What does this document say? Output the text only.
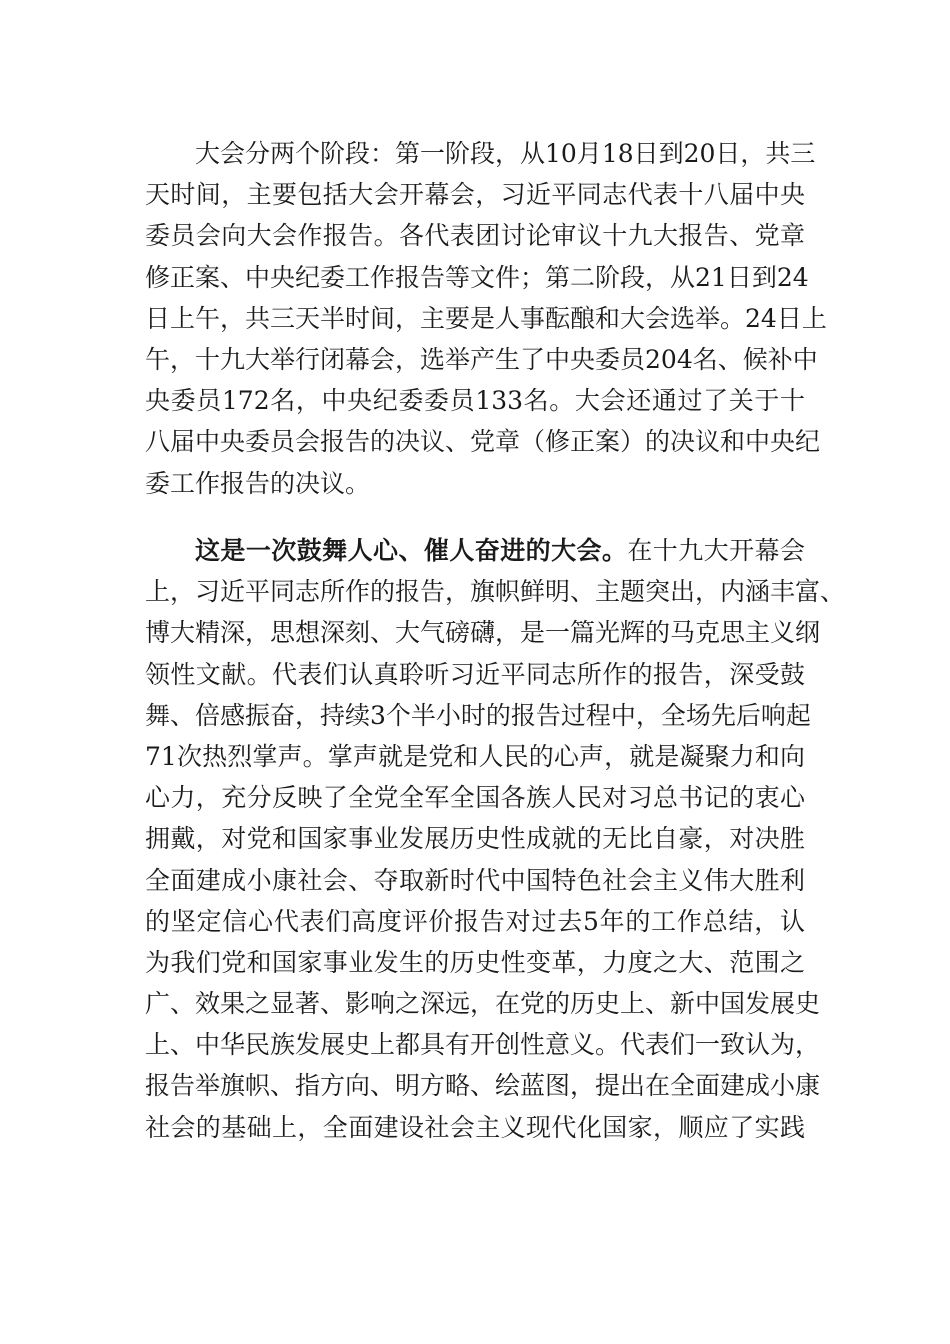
大会分两个阶段：第一阶段，从10月18日到20日，共三
天时间，主要包括大会开幕会，习近平同志代表十八届中央
委员会向大会作报告。各代表团讨论审议十九大报告、党章
修正案、中央纪委工作报告等文件；第二阶段，从21日到24
日上午，共三天半时间，主要是人事酝酿和大会选举。24日上
午，十九大举行闭幕会，选举产生了中央委员204名、候补中
央委员172名，中央纪委委员133名。大会还通过了关于十
八届中央委员会报告的决议、党章（修正案）的决议和中央纪
委工作报告的决议。
这是一次鼓舞人心、催人奋进的大会。在十九大开幕会
上，习近平同志所作的报告，旗帜鲜明、主题突出，内涵丰富、
博大精深，思想深刻、大气磅礴，是一篇光辉的马克思主义纲
领性文献。代表们认真聆听习近平同志所作的报告，深受鼓
舞、倍感振奋，持续3个半小时的报告过程中，全场先后响起
71次热烈掌声。掌声就是党和人民的心声，就是凝聚力和向
心力，充分反映了全党全军全国各族人民对习总书记的衷心
拥戴，对党和国家事业发展历史性成就的无比自豪，对决胜
全面建成小康社会、夺取新时代中国特色社会主义伟大胜利
的坚定信心代表们高度评价报告对过去5年的工作总结，认
为我们党和国家事业发生的历史性变革，力度之大、范围之
广、效果之显著、影响之深远，在党的历史上、新中国发展史
上、中华民族发展史上都具有开创性意义。代表们一致认为，
报告举旗帜、指方向、明方略、绘蓝图，提出在全面建成小康
社会的基础上，全面建设社会主义现代化国家，顺应了实践
